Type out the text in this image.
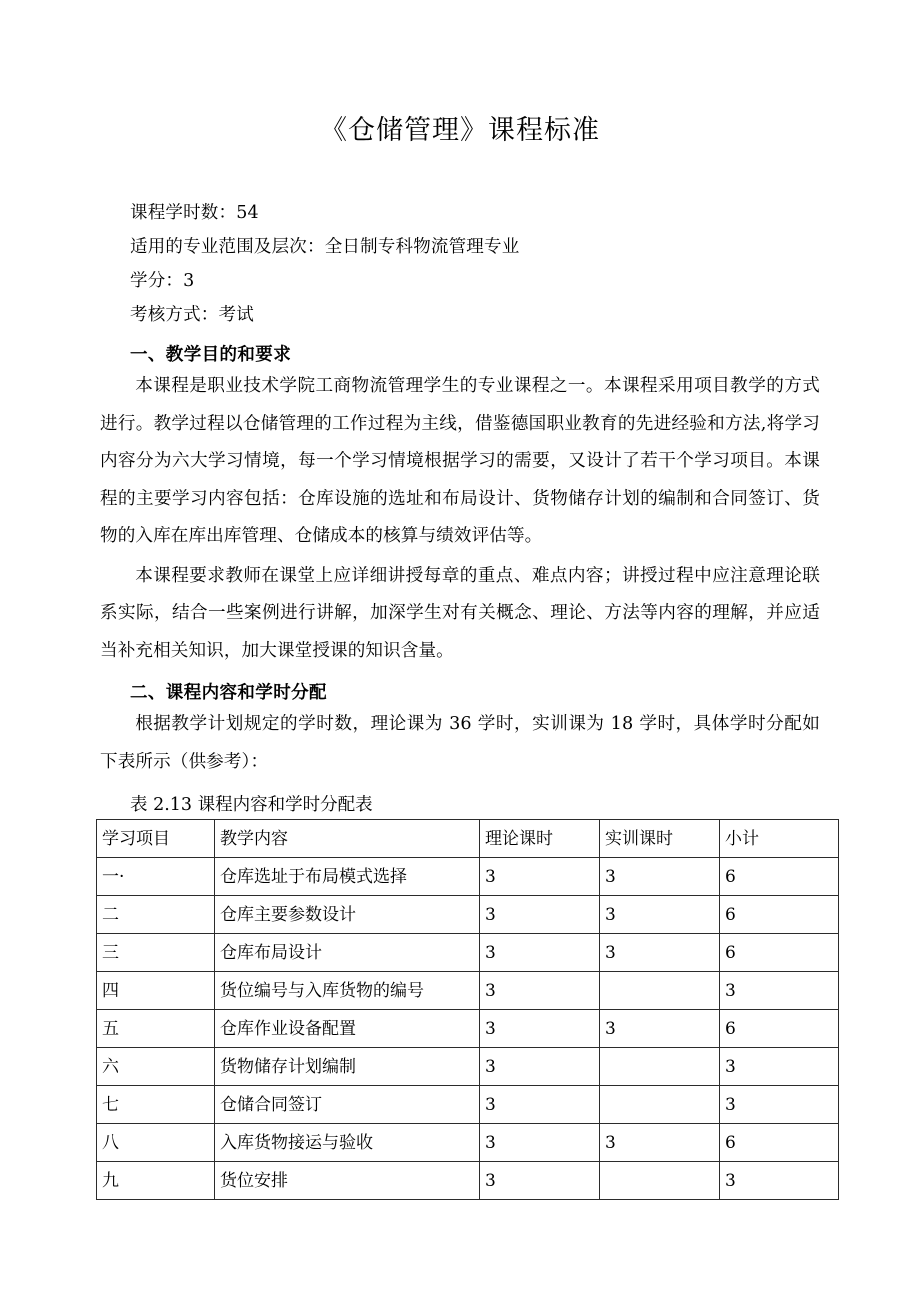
《仓储管理》课程标准

课程学时数：54

适用的专业范围及层次：全日制专科物流管理专业

学分：3

考核方式：考试

一、教学目的和要求

本课程是职业技术学院工商物流管理学生的专业课程之一。本课程采用项目教学的方式进行。教学过程以仓储管理的工作过程为主线，借鉴德国职业教育的先进经验和方法,将学习内容分为六大学习情境，每一个学习情境根据学习的需要，又设计了若干个学习项目。本课程的主要学习内容包括：仓库设施的选址和布局设计、货物储存计划的编制和合同签订、货物的入库在库出库管理、仓储成本的核算与绩效评估等。

本课程要求教师在课堂上应详细讲授每章的重点、难点内容；讲授过程中应注意理论联系实际，结合一些案例进行讲解，加深学生对有关概念、理论、方法等内容的理解，并应适当补充相关知识，加大课堂授课的知识含量。

二、课程内容和学时分配

根据教学计划规定的学时数，理论课为 36 学时，实训课为 18 学时，具体学时分配如下表所示（供参考）：

表 2.13 课程内容和学时分配表
学习项目	教学内容	理论课时	实训课时	小计
一·	仓库选址于布局模式选择	3	3	6
二	仓库主要参数设计	3	3	6
三	仓库布局设计	3	3	6
四	货位编号与入库货物的编号	3		3
五	仓库作业设备配置	3	3	6
六	货物储存计划编制	3		3
七	仓储合同签订	3		3
八	入库货物接运与验收	3	3	6
九	货位安排	3		3
